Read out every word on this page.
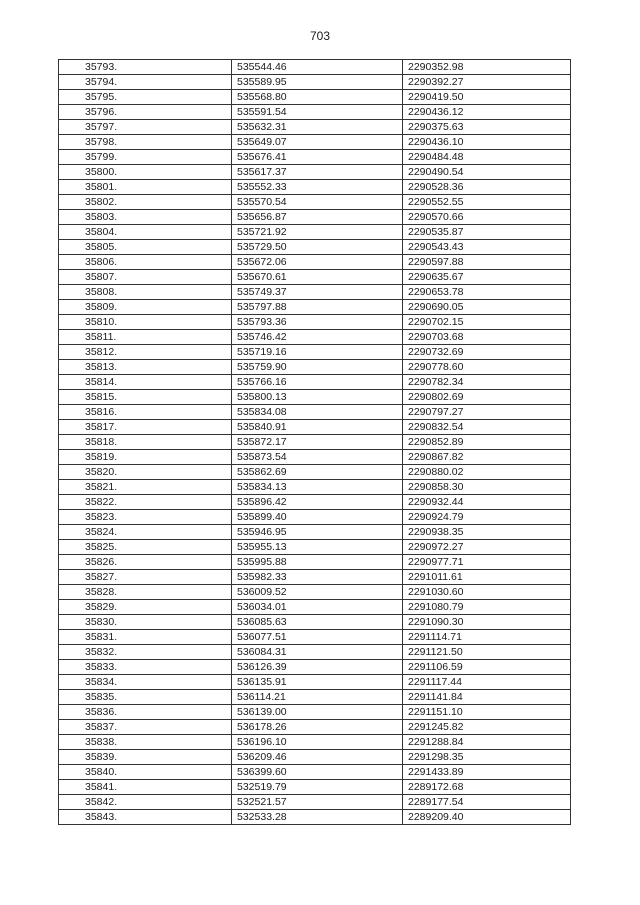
703
35793.	535544.46	2290352.98
35794.	535589.95	2290392.27
35795.	535568.80	2290419.50
35796.	535591.54	2290436.12
35797.	535632.31	2290375.63
35798.	535649.07	2290436.10
35799.	535676.41	2290484.48
35800.	535617.37	2290490.54
35801.	535552.33	2290528.36
35802.	535570.54	2290552.55
35803.	535656.87	2290570.66
35804.	535721.92	2290535.87
35805.	535729.50	2290543.43
35806.	535672.06	2290597.88
35807.	535670.61	2290635.67
35808.	535749.37	2290653.78
35809.	535797.88	2290690.05
35810.	535793.36	2290702.15
35811.	535746.42	2290703.68
35812.	535719.16	2290732.69
35813.	535759.90	2290778.60
35814.	535766.16	2290782.34
35815.	535800.13	2290802.69
35816.	535834.08	2290797.27
35817.	535840.91	2290832.54
35818.	535872.17	2290852.89
35819.	535873.54	2290867.82
35820.	535862.69	2290880.02
35821.	535834.13	2290858.30
35822.	535896.42	2290932.44
35823.	535899.40	2290924.79
35824.	535946.95	2290938.35
35825.	535955.13	2290972.27
35826.	535995.88	2290977.71
35827.	535982.33	2291011.61
35828.	536009.52	2291030.60
35829.	536034.01	2291080.79
35830.	536085.63	2291090.30
35831.	536077.51	2291114.71
35832.	536084.31	2291121.50
35833.	536126.39	2291106.59
35834.	536135.91	2291117.44
35835.	536114.21	2291141.84
35836.	536139.00	2291151.10
35837.	536178.26	2291245.82
35838.	536196.10	2291288.84
35839.	536209.46	2291298.35
35840.	536399.60	2291433.89
35841.	532519.79	2289172.68
35842.	532521.57	2289177.54
35843.	532533.28	2289209.40
